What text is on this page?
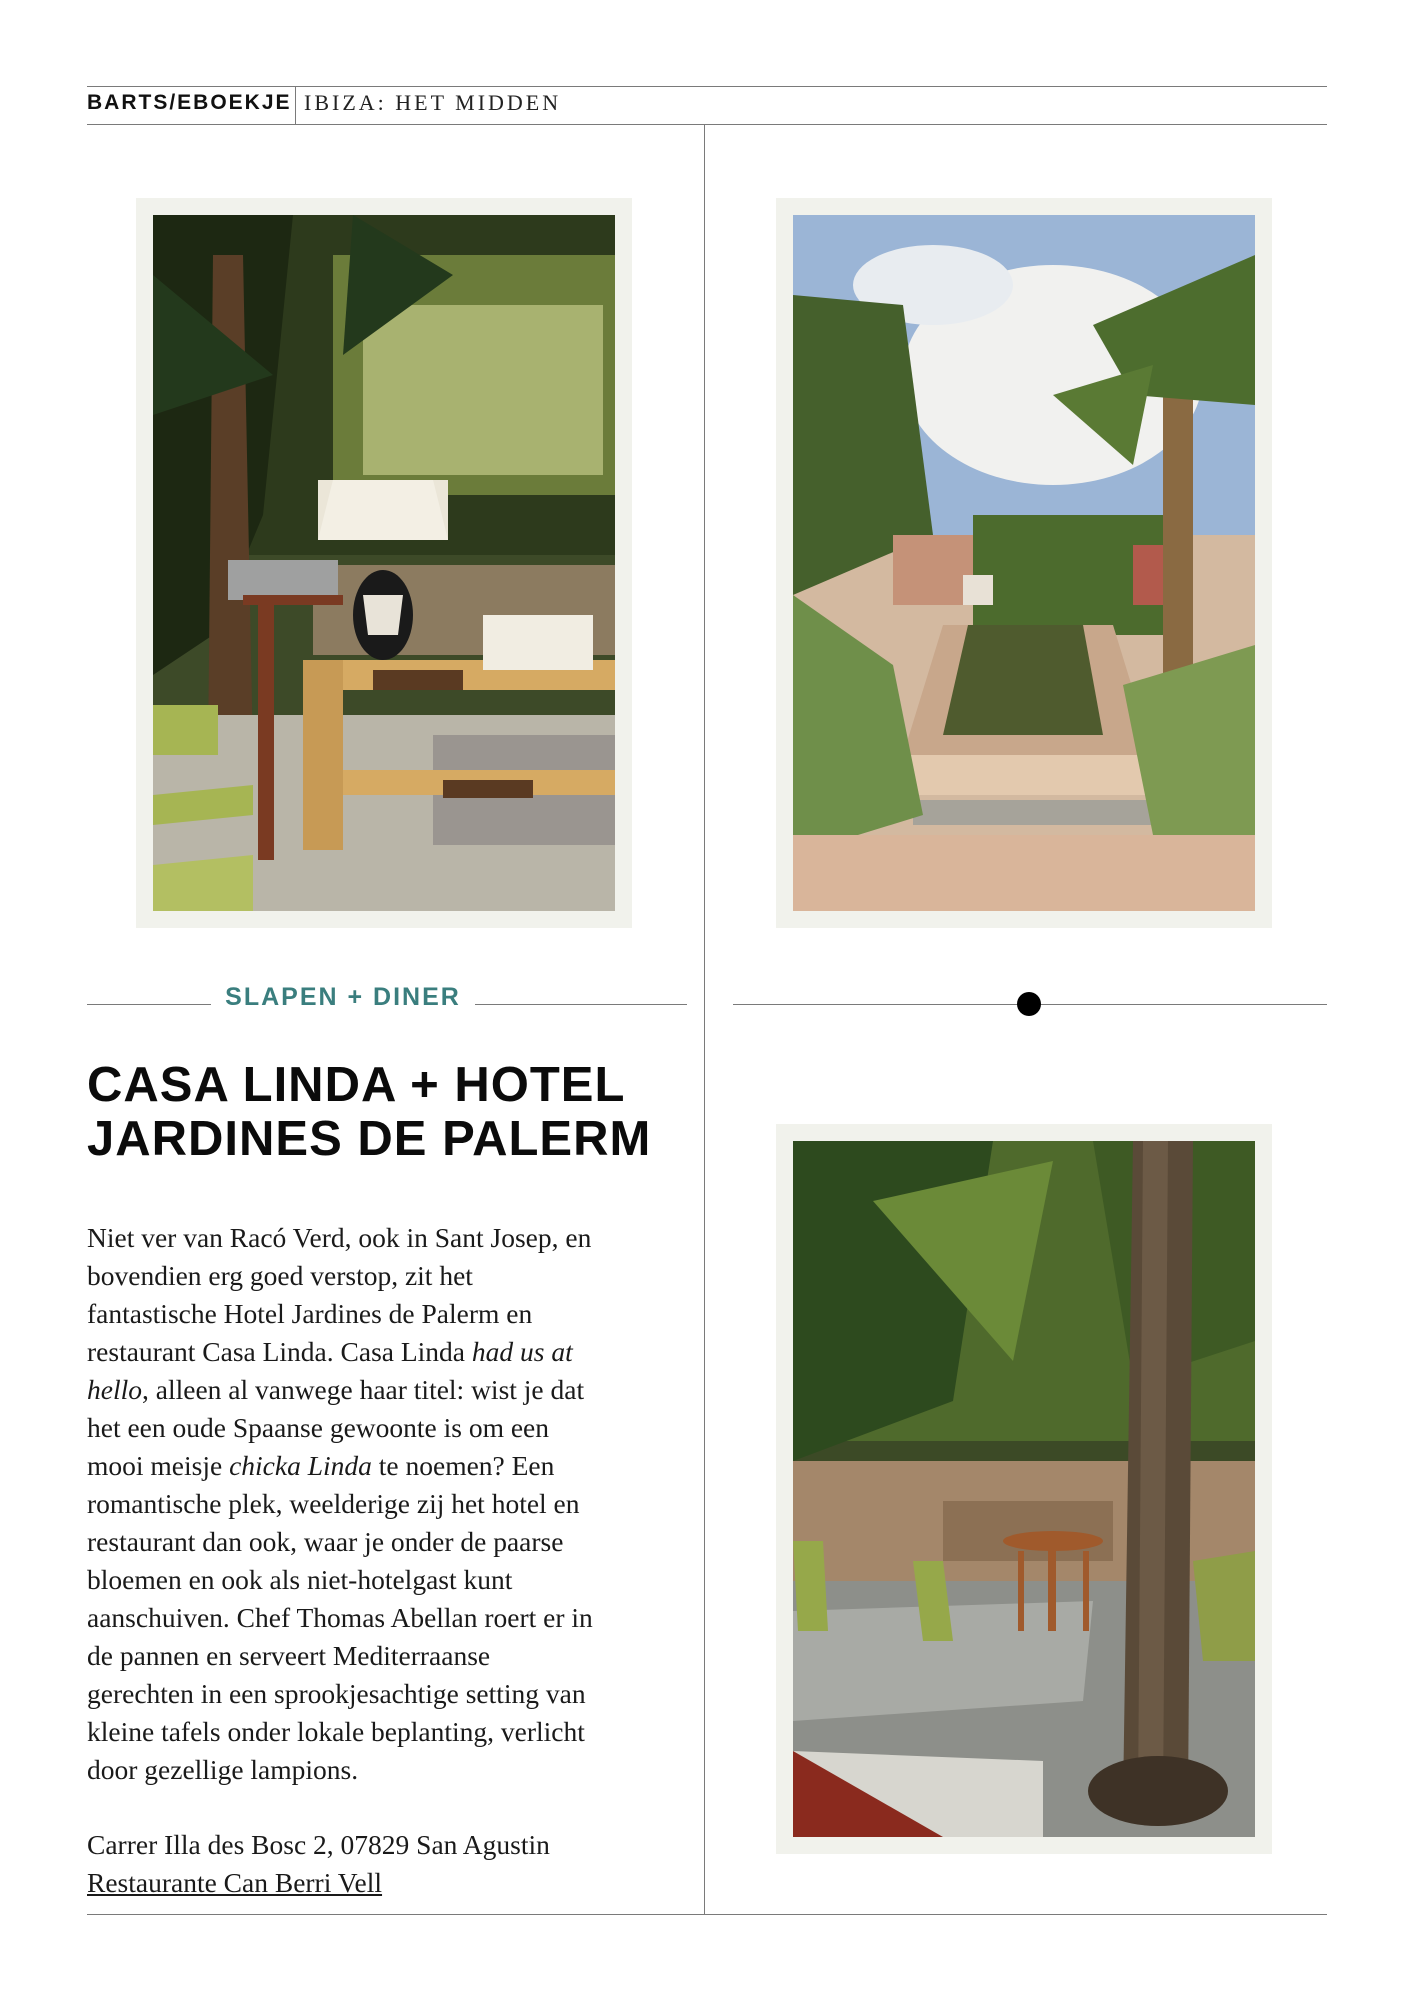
BARTS/EBOEKJE IBIZA: HET MIDDEN
SLAPEN + DINER
CASA LINDA + HOTEL
JARDINES DE PALERM
Niet ver van Racó Verd, ook in Sant Josep, en
bovendien erg goed verstop, zit het
fantastische Hotel Jardines de Palerm en
restaurant Casa Linda. Casa Linda had us at
hello, alleen al vanwege haar titel: wist je dat
het een oude Spaanse gewoonte is om een
mooi meisje chicka Linda te noemen? Een
romantische plek, weelderige zij het hotel en
restaurant dan ook, waar je onder de paarse
bloemen en ook als niet-hotelgast kunt
aanschuiven. Chef Thomas Abellan roert er in
de pannen en serveert Mediterraanse
gerechten in een sprookjesachtige setting van
kleine tafels onder lokale beplanting, verlicht
door gezellige lampions.
Carrer Illa des Bosc 2, 07829 San Agustin
Restaurante Can Berri Vell
